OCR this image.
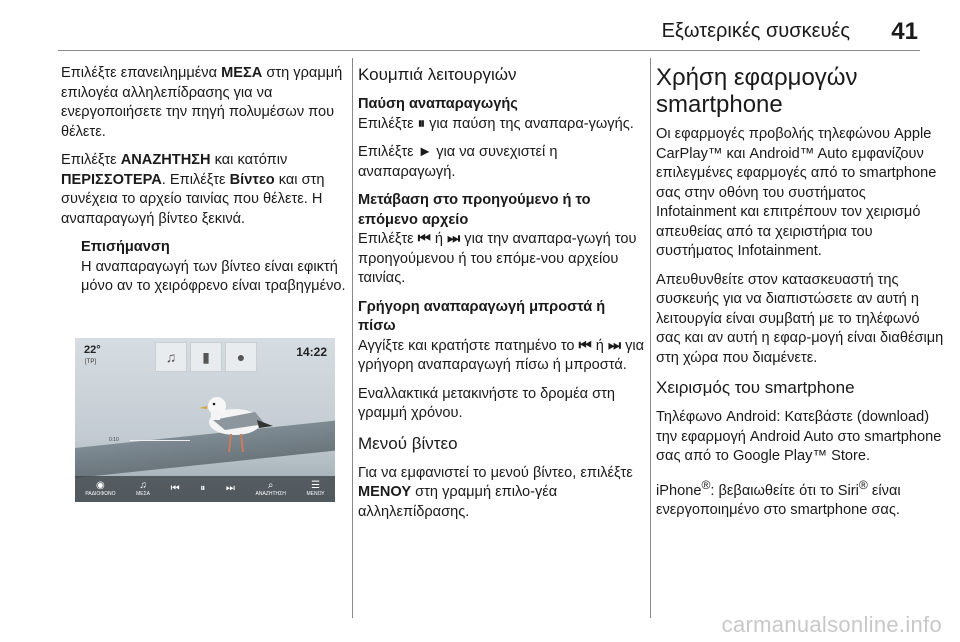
Εξωτερικές συσκευές 41

Επιλέξτε επανειλημμένα ΜΕΣΑ στη γραμμή επιλογέα αλληλεπίδρασης για να ενεργοποιήσετε την πηγή πολυμέσων που θέλετε.

Επιλέξτε ΑΝΑΖΗΤΗΣΗ και κατόπιν ΠΕΡΙΣΣΟΤΕΡΑ. Επιλέξτε Βίντεο και στη συνέχεια το αρχείο ταινίας που θέλετε. Η αναπαραγωγή βίντεο ξεκινά.

Επισήμανση
Η αναπαραγωγή των βίντεο είναι εφικτή μόνο αν το χειρόφρενο είναι τραβηγμένο.
22°
[TP]
14:22
♫	▮	●
0:10
◉
ΡΑΔΙΟΦΩΝΟ
♫
ΜΕΣΑ ⏮ ⏸ ⏭	⌕
ΑΝΑΖΗΤΗΣΗ
☰
ΜΕΝΟΥ
Κουμπιά λειτουργιών
Παύση αναπαραγωγής

Επιλέξτε ⏸ για παύση της αναπαρα-γωγής.

Επιλέξτε ► για να συνεχιστεί η αναπαραγωγή.

Μετάβαση στο προηγούμενο ή το επόμενο αρχείο

Επιλέξτε ⏮ ή ⏭ για την αναπαρα-γωγή του προηγούμενου ή του επόμε-νου αρχείου ταινίας.

Γρήγορη αναπαραγωγή μπροστά ή πίσω

Αγγίξτε και κρατήστε πατημένο το ⏮ ή ⏭ για γρήγορη αναπαραγωγή πίσω ή μπροστά.

Εναλλακτικά μετακινήστε το δρομέα στη γραμμή χρόνου.

Μενού βίντεο

Για να εμφανιστεί το μενού βίντεο, επιλέξτε ΜΕΝΟΥ στη γραμμή επιλο-γέα αλληλεπίδρασης.

Χρήση εφαρμογών smartphone

Οι εφαρμογές προβολής τηλεφώνου Apple CarPlay™ και Android™ Auto εμφανίζουν επιλεγμένες εφαρμογές από το smartphone σας στην οθόνη του συστήματος Infotainment και επιτρέπουν τον χειρισμό απευθείας από τα χειριστήρια του συστήματος Infotainment.

Απευθυνθείτε στον κατασκευαστή της συσκευής για να διαπιστώσετε αν αυτή η λειτουργία είναι συμβατή με το τηλέφωνό σας και αν αυτή η εφαρ-μογή είναι διαθέσιμη στη χώρα που διαμένετε.

Χειρισμός του smartphone

Τηλέφωνο Android: Κατεβάστε (download) την εφαρμογή Android Auto στο smartphone σας από το Google Play™ Store.

iPhone®: βεβαιωθείτε ότι το Siri® είναι ενεργοποιημένο στο smartphone σας.

carmanualsonline.info
